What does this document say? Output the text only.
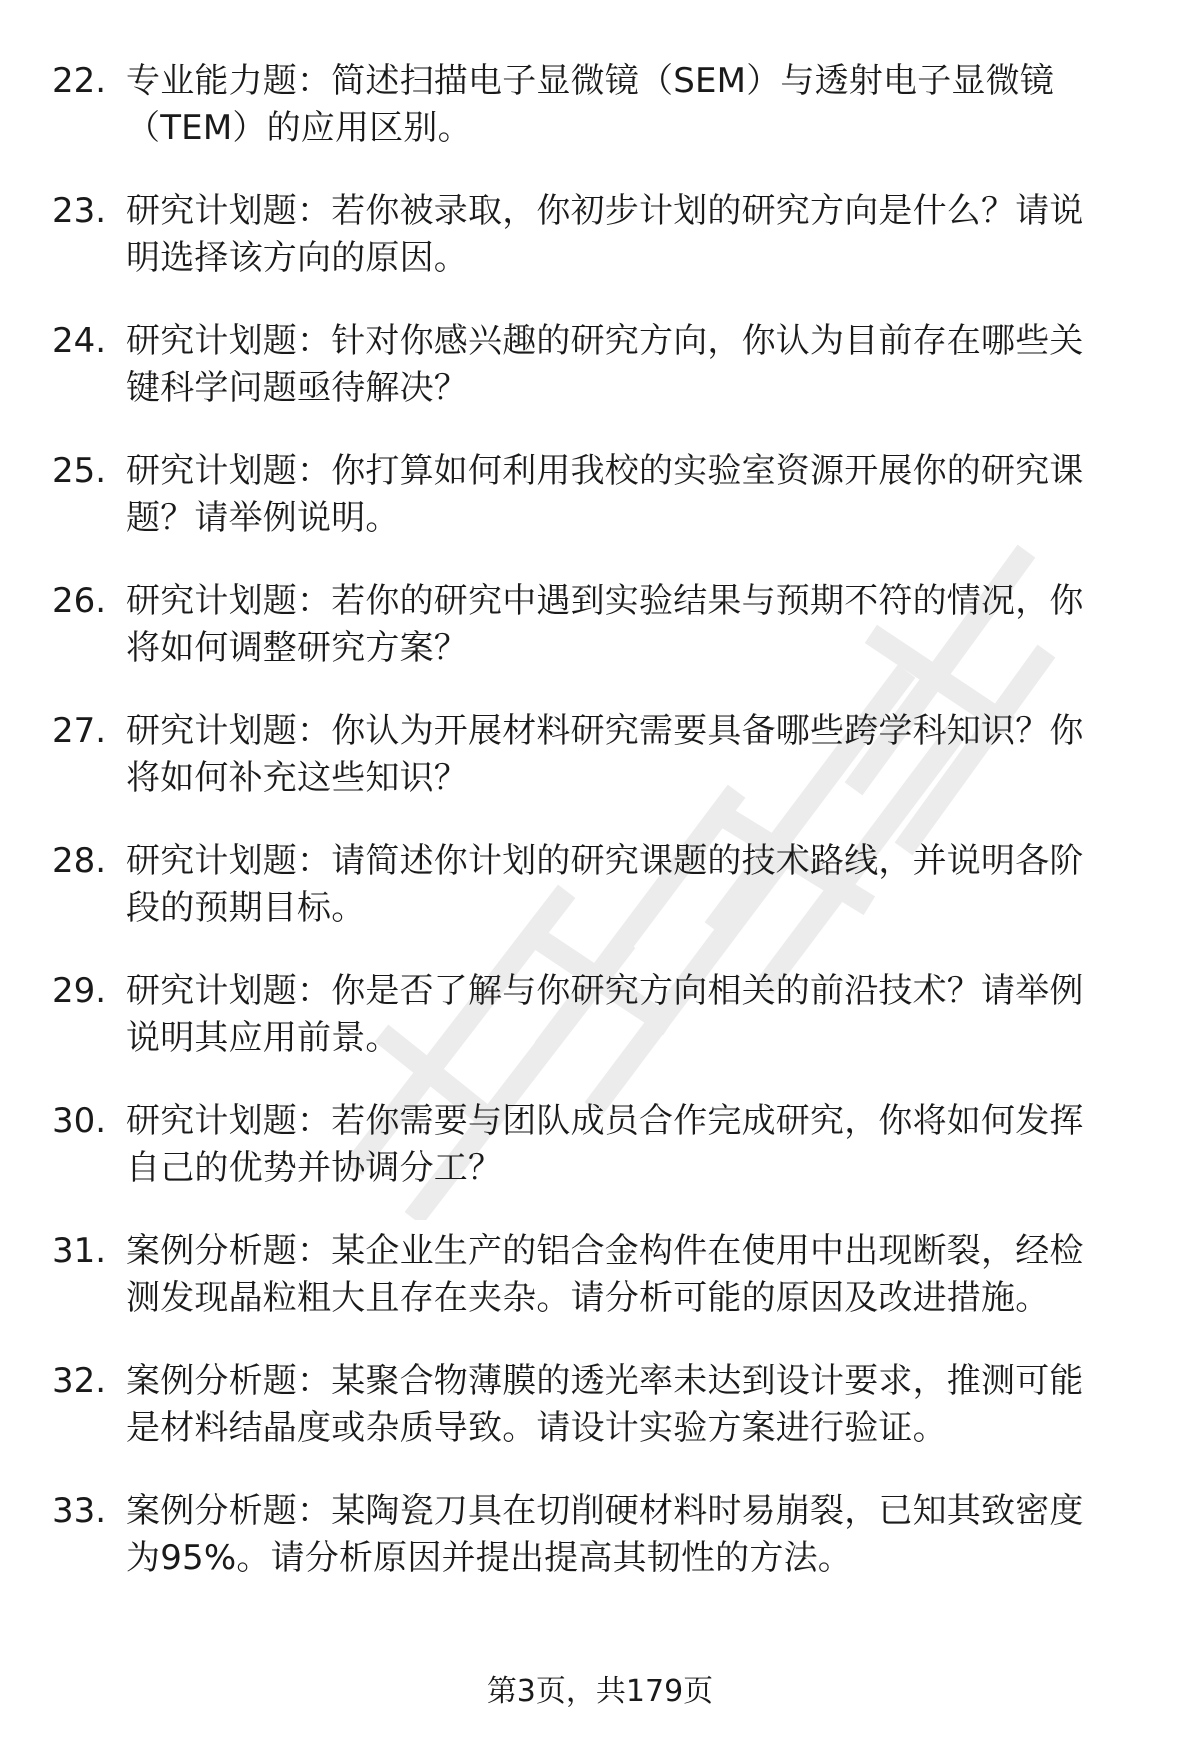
22. 专业能力题：简述扫描电子显微镜（SEM）与透射电子显微镜
（TEM）的应用区别。
23. 研究计划题：若你被录取，你初步计划的研究方向是什么？请说
明选择该方向的原因。
24. 研究计划题：针对你感兴趣的研究方向，你认为目前存在哪些关
键科学问题亟待解决？
25. 研究计划题：你打算如何利用我校的实验室资源开展你的研究课
题？请举例说明。
26. 研究计划题：若你的研究中遇到实验结果与预期不符的情况，你
将如何调整研究方案？
27. 研究计划题：你认为开展材料研究需要具备哪些跨学科知识？你
将如何补充这些知识？
28. 研究计划题：请简述你计划的研究课题的技术路线，并说明各阶
段的预期目标。
29. 研究计划题：你是否了解与你研究方向相关的前沿技术？请举例
说明其应用前景。
30. 研究计划题：若你需要与团队成员合作完成研究，你将如何发挥
自己的优势并协调分工？
31. 案例分析题：某企业生产的铝合金构件在使用中出现断裂，经检
测发现晶粒粗大且存在夹杂。请分析可能的原因及改进措施。
32. 案例分析题：某聚合物薄膜的透光率未达到设计要求，推测可能
是材料结晶度或杂质导致。请设计实验方案进行验证。
33. 案例分析题：某陶瓷刀具在切削硬材料时易崩裂，已知其致密度
为95%。请分析原因并提出提高其韧性的方法。
第3页，共179页
